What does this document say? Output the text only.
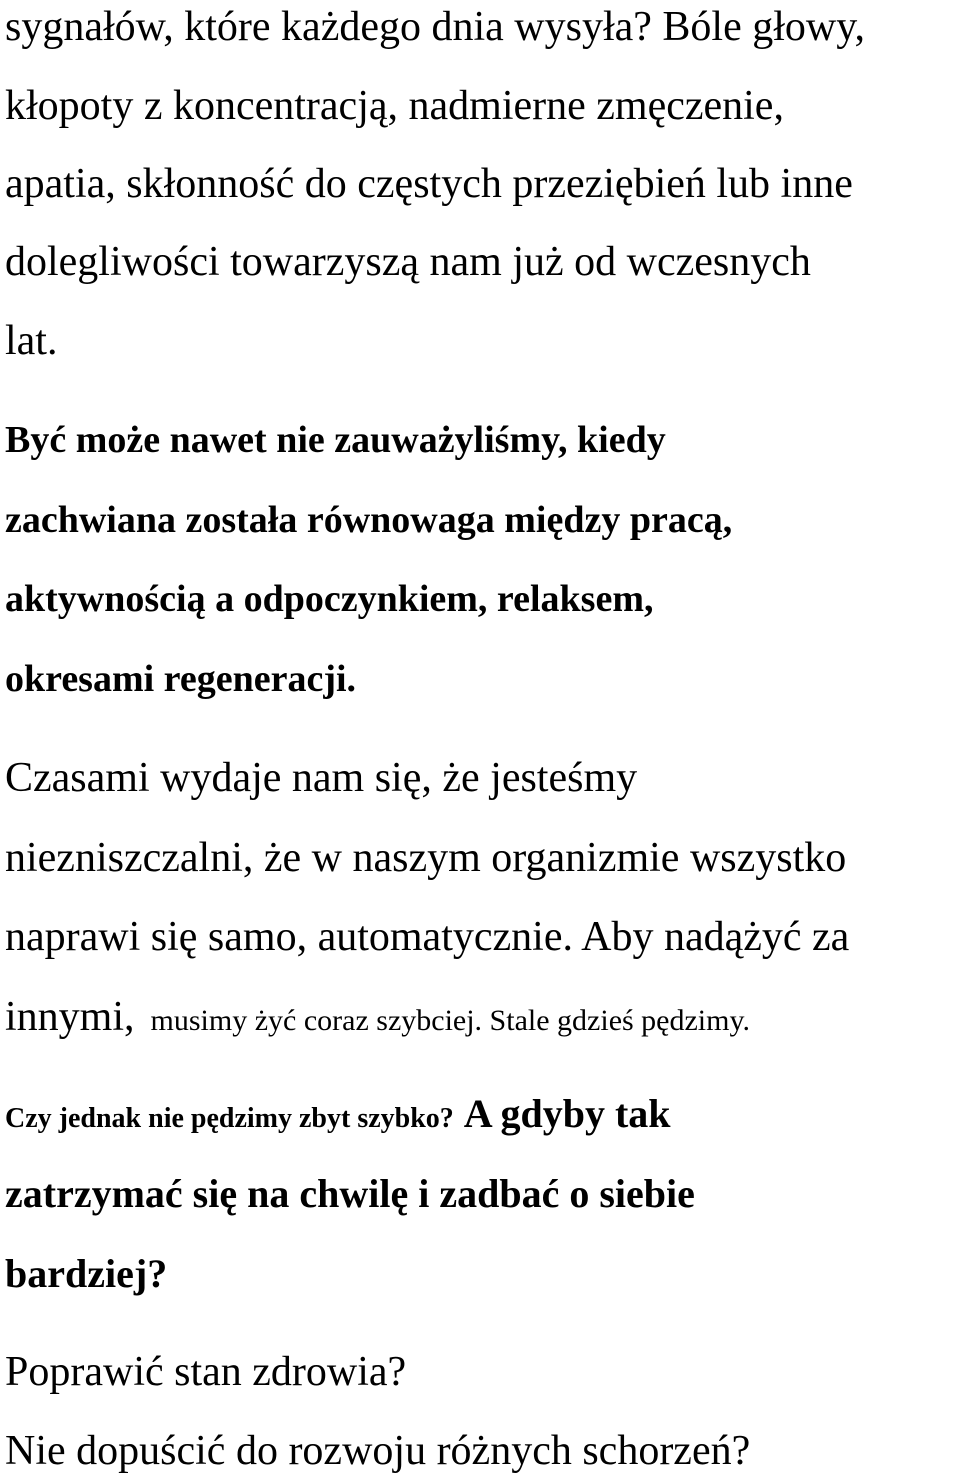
sygnałów, które każdego dnia wysyła? Bóle głowy,
kłopoty z koncentracją, nadmierne zmęczenie,
apatia, skłonność do częstych przeziębień lub inne
dolegliwości towarzyszą nam już od wczesnych
lat.
Być może nawet nie zauważyliśmy, kiedy
zachwiana została równowaga między pracą,
aktywnością a odpoczynkiem, relaksem,
okresami regeneracji.
Czasami wydaje nam się, że jesteśmy
niezniszczalni, że w naszym organizmie wszystko
naprawi się samo, automatycznie. Aby nadążyć za
innymi, musimy żyć coraz szybciej. Stale gdzieś pędzimy.
Czy jednak nie pędzimy zbyt szybko? A gdyby tak
zatrzymać się na chwilę i zadbać o siebie
bardziej?
Poprawić stan zdrowia?
Nie dopuścić do rozwoju różnych schorzeń?
